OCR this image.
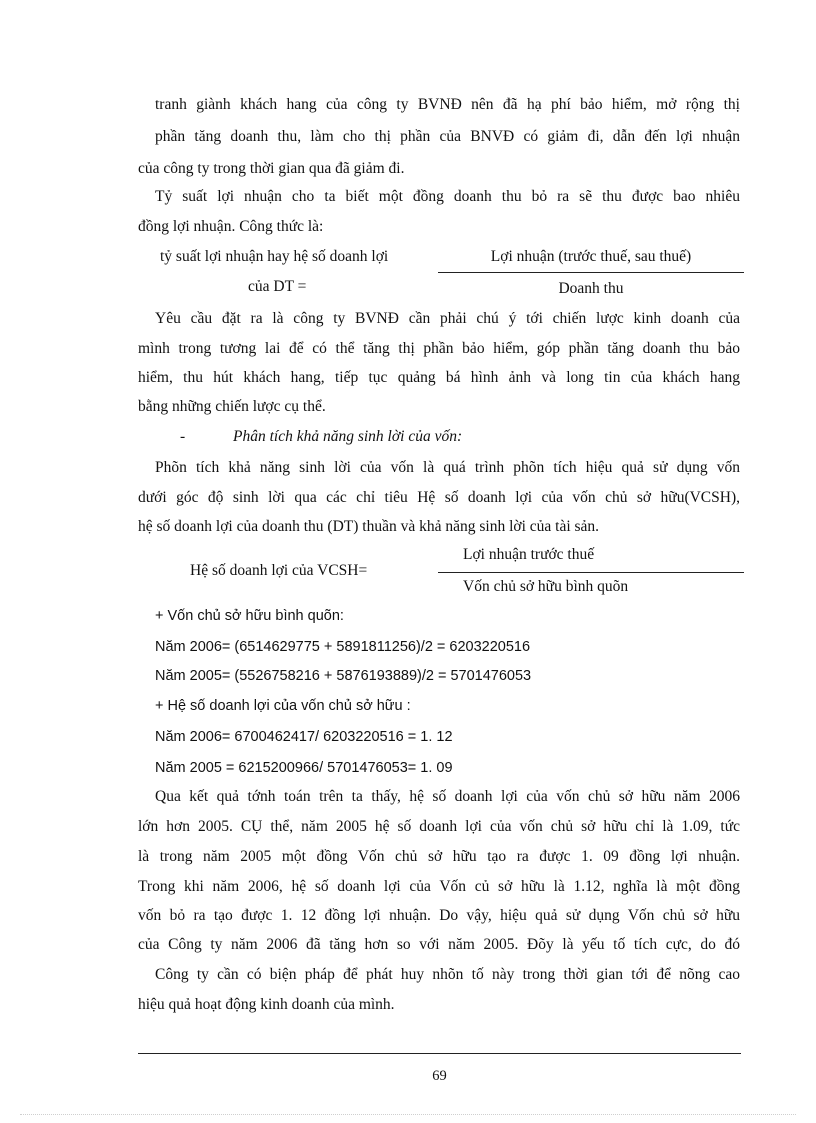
tranh giành khách hang của công ty BVNĐ nên đã hạ phí bảo hiểm, mở rộng thị
phần tăng doanh thu, làm cho thị phần của BNVĐ có giảm đi, dẫn đến lợi nhuận
của công ty trong thời gian qua đã giảm đi.
Tỷ suất lợi nhuận cho ta biết một đồng doanh thu bỏ ra sẽ thu được bao nhiêu
đồng lợi nhuận. Công thức là:
tỷ suất lợi nhuận hay hệ số doanh lợi
của DT =
Lợi nhuận (trước thuế, sau thuế)
Doanh thu
Yêu cầu đặt ra là công ty BVNĐ cần phải chú ý tới chiến lược kinh doanh của
mình trong tương lai để có thể tăng thị phần bảo hiểm, góp phần tăng doanh thu bảo
hiểm, thu hút khách hang, tiếp tục quảng bá hình ảnh và long tin của khách hang
bằng những chiến lược cụ thể.
-	Phân tích khả năng sinh lời của vốn:
Phõn tích khả năng sinh lời của vốn là quá trình phõn tích hiệu quả sử dụng vốn
dưới góc độ sinh lời qua các chỉ tiêu Hệ số doanh lợi của vốn chủ sở hữu(VCSH),
hệ số doanh lợi của doanh thu (DT) thuần và khả năng sinh lời của tài sản.
Hệ số doanh lợi của VCSH=
Lợi nhuận trước thuế
Vốn chủ sở hữu bình quõn
+ Vốn chủ sở hữu bình quõn:
Năm 2006= (6514629775 + 5891811256)/2 = 6203220516
Năm 2005= (5526758216 + 5876193889)/2 = 5701476053
+ Hệ số doanh lợi của vốn chủ sở hữu :
Năm 2006= 6700462417/ 6203220516 = 1. 12
Năm 2005 = 6215200966/ 5701476053= 1. 09
Qua kết quả tớnh toán trên ta thấy, hệ số doanh lợi của vốn chủ sở hữu năm 2006
lớn hơn 2005. CỤ thể, năm 2005 hệ số doanh lợi của vốn chủ sở hữu chỉ là 1.09, tức
là trong năm 2005 một đồng Vốn chủ sở hữu tạo ra được 1. 09 đồng lợi nhuận.
Trong khi năm 2006, hệ số doanh lợi của Vốn củ sở hữu là 1.12, nghĩa là một đồng
vốn bỏ ra tạo được 1. 12 đồng lợi nhuận. Do vậy, hiệu quả sử dụng Vốn chủ sở hữu
của Công ty năm 2006 đã tăng hơn so với năm 2005. Đõy là yếu tố tích cực, do đó
Công ty cần có biện pháp để phát huy nhõn tố này trong thời gian tới để nõng cao
hiệu quả hoạt động kinh doanh của mình.
69
